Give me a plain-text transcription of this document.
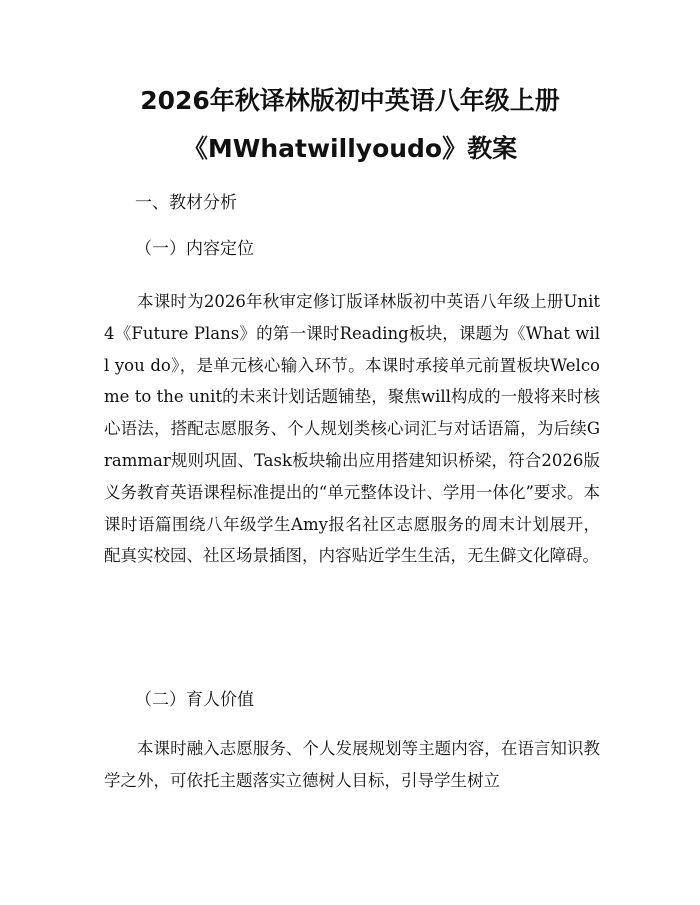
2026年秋译林版初中英语八年级上册
《MWhatwillyoudo》教案
一、教材分析
（一）内容定位

本课时为2026年秋审定修订版译林版初中英语八年级上册Unit 4《Future Plans》的第一课时Reading板块，课题为《What will you do》，是单元核心输入环节。本课时承接单元前置板块Welcome to the unit的未来计划话题铺垫，聚焦will构成的一般将来时核心语法，搭配志愿服务、个人规划类核心词汇与对话语篇，为后续Grammar规则巩固、Task板块输出应用搭建知识桥梁，符合2026版义务教育英语课程标准提出的“单元整体设计、学用一体化”要求。本课时语篇围绕八年级学生Amy报名社区志愿服务的周末计划展开，配真实校园、社区场景插图，内容贴近学生生活，无生僻文化障碍。

（二）育人价值

本课时融入志愿服务、个人发展规划等主题内容，在语言知识教学之外，可依托主题落实立德树人目标，引导学生树立
